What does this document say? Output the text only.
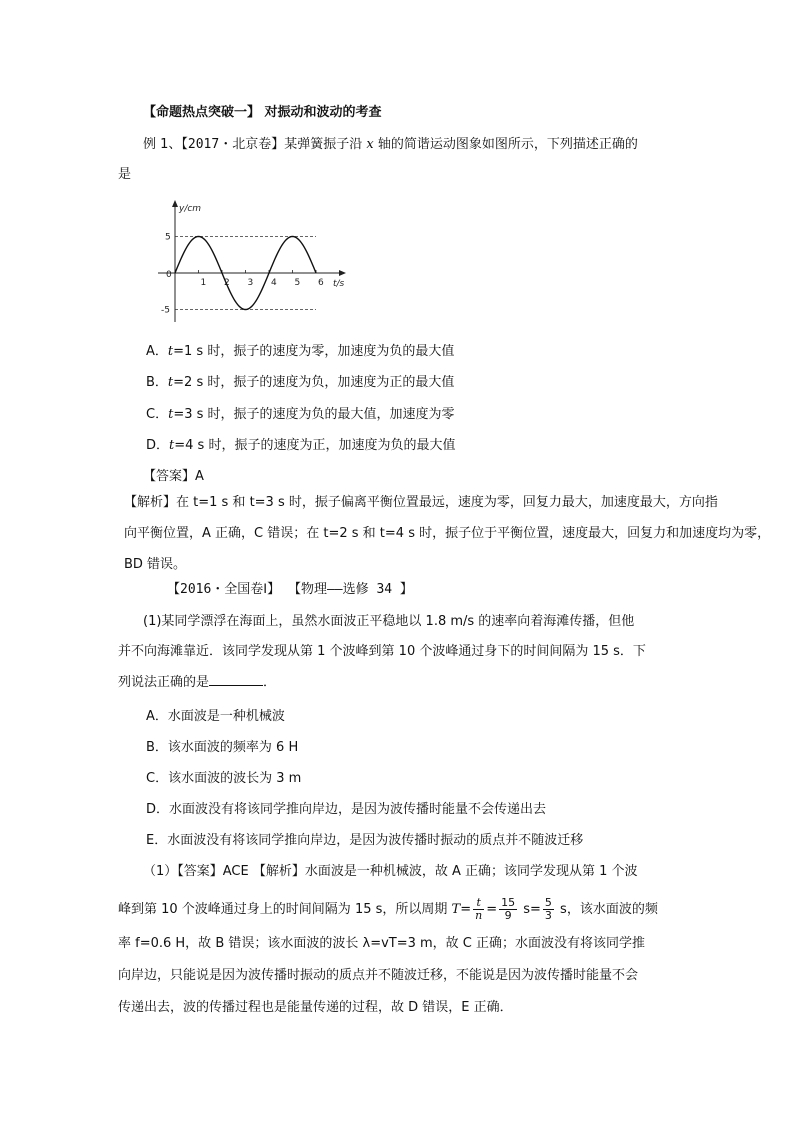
【命题热点突破一】 对振动和波动的考查
例 1、【2017・北京卷】某弹簧振子沿 x 轴的简谐运动图象如图所示，下列描述正确的
是
1 2 3 4 5 6
5
-5
0
y/cm
t/s
A．t=1 s 时，振子的速度为零，加速度为负的最大值
B．t=2 s 时，振子的速度为负，加速度为正的最大值
C．t=3 s 时，振子的速度为负的最大值，加速度为零
D．t=4 s 时，振子的速度为正，加速度为负的最大值
【答案】A
【解析】在 t=1 s 和 t=3 s 时，振子偏离平衡位置最远，速度为零，回复力最大，加速度最大，方向指
向平衡位置，A 正确，C 错误；在 t=2 s 和 t=4 s 时，振子位于平衡位置，速度最大，回复力和加速度均为零，
BD 错误。
【2016・全国卷Ⅰ】 【物理——选修 34 】
(1)某同学漂浮在海面上，虽然水面波正平稳地以 1.8 m/s 的速率向着海滩传播，但他
并不向海滩靠近．该同学发现从第 1 个波峰到第 10 个波峰通过身下的时间间隔为 15 s．下
列说法正确的是	．
A．水面波是一种机械波
B．该水面波的频率为 6 H
C．该水面波的波长为 3 m
D．水面波没有将该同学推向岸边，是因为波传播时能量不会传递出去
E．水面波没有将该同学推向岸边，是因为波传播时振动的质点并不随波迁移
（1）【答案】ACE 【解析】水面波是一种机械波，故 A 正确；该同学发现从第 1 个波
峰到第 10 个波峰通过身上的时间间隔为 15 s，所以周期 $T= \frac{t}{n} = \frac{15}{9} s= \frac{5}{3}$ s，该水面波的频
率 f=0.6 H，故 B 错误；该水面波的波长 λ=vT=3 m，故 C 正确；水面波没有将该同学推
向岸边，只能说是因为波传播时振动的质点并不随波迁移，不能说是因为波传播时能量不会
传递出去，波的传播过程也是能量传递的过程，故 D 错误，E 正确．
